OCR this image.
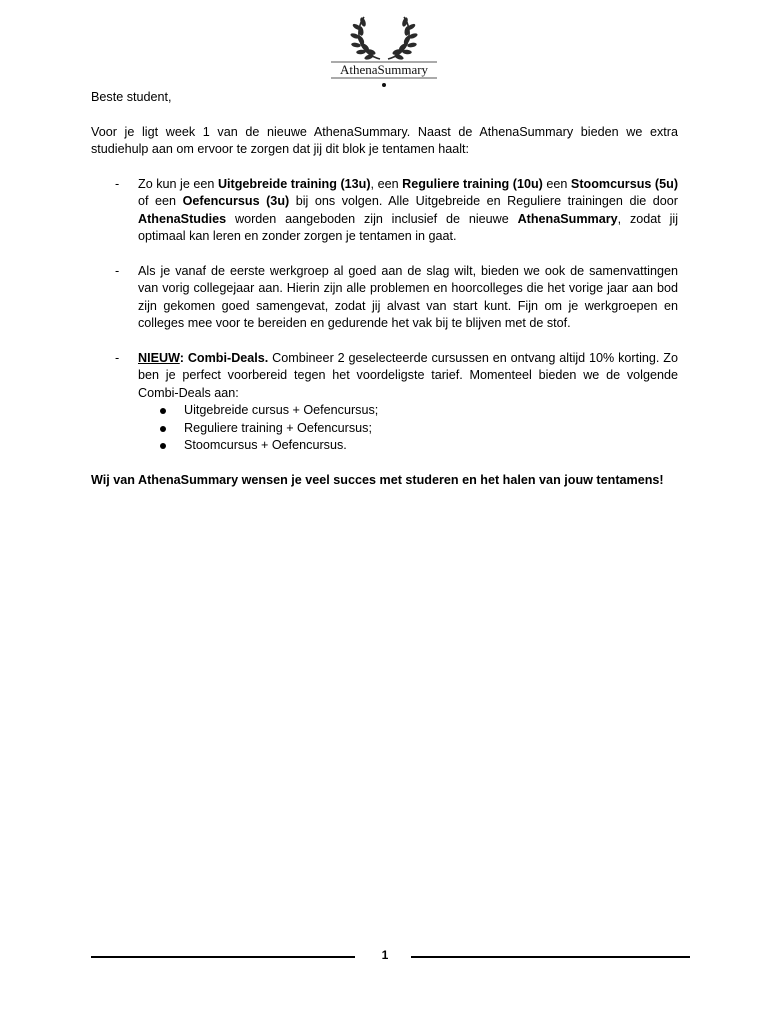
AthenaSummary

Beste student,

Voor je ligt week 1 van de nieuwe AthenaSummary. Naast de AthenaSummary bieden we extra studiehulp aan om ervoor te zorgen dat jij dit blok je tentamen haalt:

- Zo kun je een Uitgebreide training (13u), een Reguliere training (10u) een Stoomcursus (5u) of een Oefencursus (3u) bij ons volgen. Alle Uitgebreide en Reguliere trainingen die door AthenaStudies worden aangeboden zijn inclusief de nieuwe AthenaSummary, zodat jij optimaal kan leren en zonder zorgen je tentamen in gaat.
- Als je vanaf de eerste werkgroep al goed aan de slag wilt, bieden we ook de samenvattingen van vorig collegejaar aan. Hierin zijn alle problemen en hoorcolleges die het vorige jaar aan bod zijn gekomen goed samengevat, zodat jij alvast van start kunt. Fijn om je werkgroepen en colleges mee voor te bereiden en gedurende het vak bij te blijven met de stof.
- NIEUW: Combi-Deals. Combineer 2 geselecteerde cursussen en ontvang altijd 10% korting. Zo ben je perfect voorbereid tegen het voordeligste tarief. Momenteel bieden we de volgende Combi-Deals aan:
Uitgebreide cursus + Oefencursus;
Reguliere training + Oefencursus;
Stoomcursus + Oefencursus.

Wij van AthenaSummary wensen je veel succes met studeren en het halen van jouw tentamens!

1
